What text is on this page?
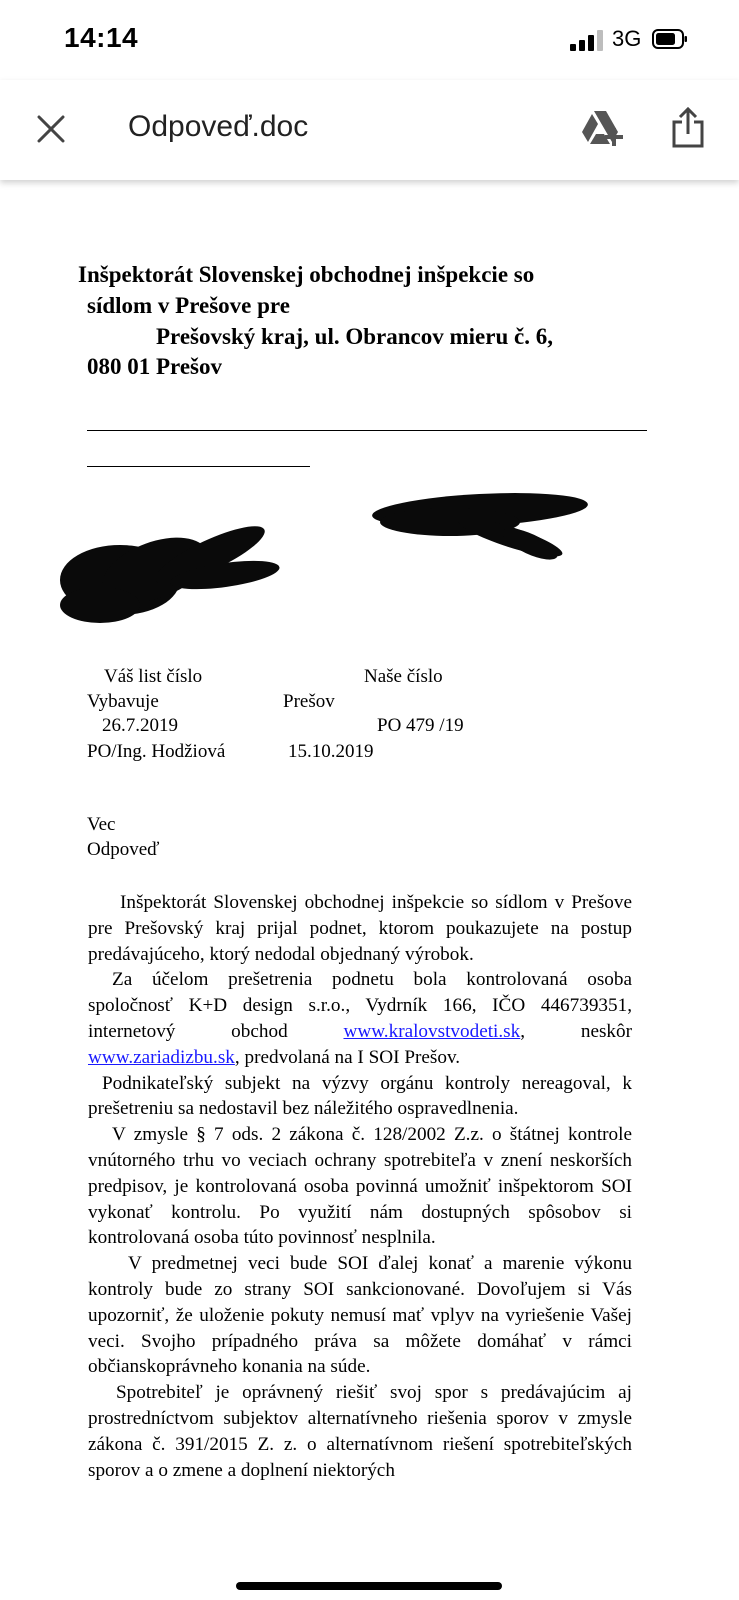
14:14	3G
Odpoveď.doc
Inšpektorát Slovenskej obchodnej inšpekcie so
sídlom v Prešove pre
Prešovský kraj, ul. Obrancov mieru č. 6,
080 01 Prešov
Váš list číslo	Naše číslo
Vybavuje	Prešov
26.7.2019	PO 479 /19
PO/Ing. Hodžiová	15.10.2019
Vec
Odpoveď

Inšpektorát Slovenskej obchodnej inšpekcie so sídlom v Prešove pre Prešovský kraj prijal podnet, ktorom poukazujete na postup predávajúceho, ktorý nedodal objednaný výrobok.

Za účelom prešetrenia podnetu bola kontrolovaná osoba spoločnosť K+D design s.r.o., Vydrník 166, IČO 446739351, internetový obchod	www.kralovstvodeti.sk, neskôr www.zariadizbu.sk, predvolaná na I SOI Prešov.

Podnikateľský subjekt na výzvy orgánu kontroly nereagoval, k prešetreniu sa nedostavil bez náležitého ospravedlnenia.

V zmysle § 7 ods. 2 zákona č. 128/2002 Z.z. o štátnej kontrole vnútorného trhu vo veciach ochrany spotrebiteľa v znení neskorších predpisov, je kontrolovaná osoba povinná umožniť inšpektorom SOI vykonať kontrolu. Po využití nám dostupných spôsobov si kontrolovaná osoba túto povinnosť nesplnila.

V predmetnej veci bude SOI ďalej konať a marenie výkonu kontroly bude zo strany SOI sankcionované. Dovoľujem si Vás upozorniť, že uloženie pokuty nemusí mať vplyv na vyriešenie Vašej veci. Svojho prípadného práva sa môžete domáhať v rámci občianskoprávneho konania na súde.

Spotrebiteľ je oprávnený riešiť svoj spor s predávajúcim aj prostredníctvom subjektov alternatívneho riešenia sporov v zmysle zákona č. 391/2015 Z. z. o alternatívnom riešení spotrebiteľských sporov a o zmene a doplnení niektorých
